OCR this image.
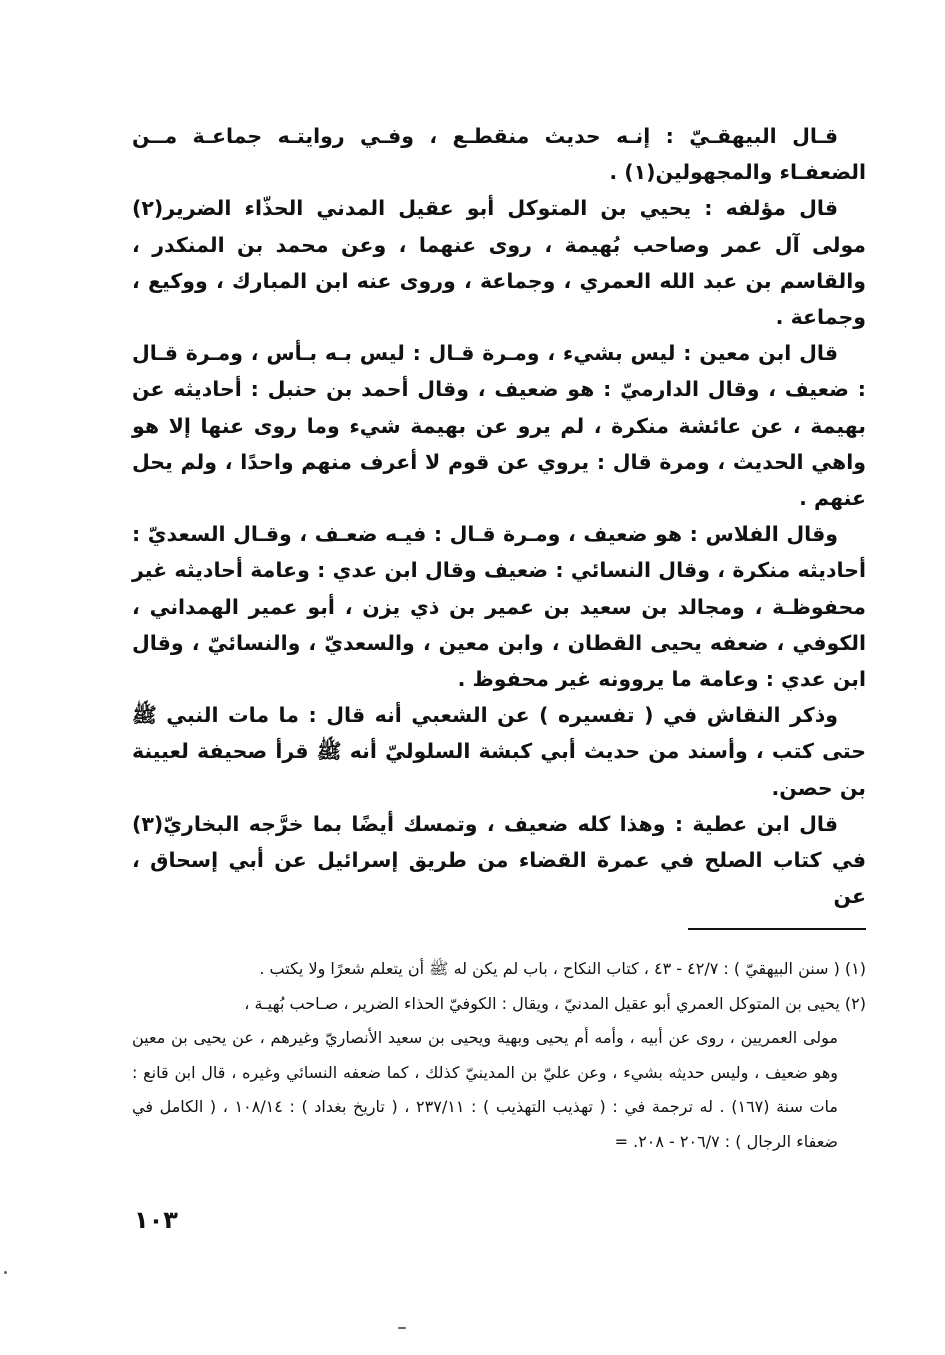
قـال البيهقـيّ : إنـه حديث منقطـع ، وفـي روايتـه جماعـة مــن الضعفـاء والمجهولين(١) .

قال مؤلفه : يحيي بن المتوكل أبو عقيل المدني الحذّاء الضرير(٢) مولى آل عمر وصاحب بُهيمة ، روى عنهما ، وعن محمد بن المنكدر ، والقاسم بن عبد الله العمري ، وجماعة ، وروى عنه ابن المبارك ، ووكيع ، وجماعة .

قال ابن معين : ليس بشيء ، ومـرة قـال : ليس بـه بـأس ، ومـرة قـال : ضعيف ، وقال الدارميّ : هو ضعيف ، وقال أحمد بن حنبل : أحاديثه عن بهيمة ، عن عائشة منكرة ، لم يرو عن بهيمة شيء وما روى عنها إلا هو واهي الحديث ، ومرة قال : يروي عن قوم لا أعرف منهم واحدًا ، ولم يحل عنهم .

وقال الفلاس : هو ضعيف ، ومـرة قـال : فيـه ضعـف ، وقـال السعديّ : أحاديثه منكرة ، وقال النسائي : ضعيف وقال ابن عدي : وعامة أحاديثه غير محفوظـة ، ومجالد بن سعيد بن عمير بن ذي يزن ، أبو عمير الهمداني ، الكوفي ، ضعفه يحيى القطان ، وابن معين ، والسعديّ ، والنسائيّ ، وقال ابن عدي : وعامة ما يروونه غير محفوظ .

وذكر النقاش في ( تفسيره ) عن الشعبي أنه قال : ما مات النبي ﷺ حتى كتب ، وأسند من حديث أبي كبشة السلوليّ أنه ﷺ قرأ صحيفة لعيينة بن حصن.

قال ابن عطية : وهذا كله ضعيف ، وتمسك أيضًا بما خرَّجه البخاريّ(٣) في كتاب الصلح في عمرة القضاء من طريق إسرائيل عن أبي إسحاق ، عن

(١) ( سنن البيهقيّ ) : ٤٢/٧ - ٤٣ ، كتاب النكاح ، باب لم يكن له ﷺ أن يتعلم شعرًا ولا يكتب .

(٢) يحيى بن المتوكل العمري أبو عقيل المدنيّ ، ويقال : الكوفيّ الحذاء الضرير ، صـاحب بُهيـة ،

مولى العمريين ، روى عن أبيه ، وأمه أم يحيى وبهية ويحيى بن سعيد الأنصاريّ وغيرهم ، عن يحيى بن معين وهو ضعيف ، وليس حديثه بشيء ، وعن عليّ بن المدينيّ كذلك ، كما ضعفه النسائي وغيره ، قال ابن قانع : مات سنة (١٦٧) . له ترجمة في : ( تهذيب التهذيب ) : ٢٣٧/١١ ، ( تاريخ بغداد ) : ١٠٨/١٤ ، ( الكامل في ضعفاء الرجال ) : ٢٠٦/٧ - ٢٠٨. =

١٠٣
